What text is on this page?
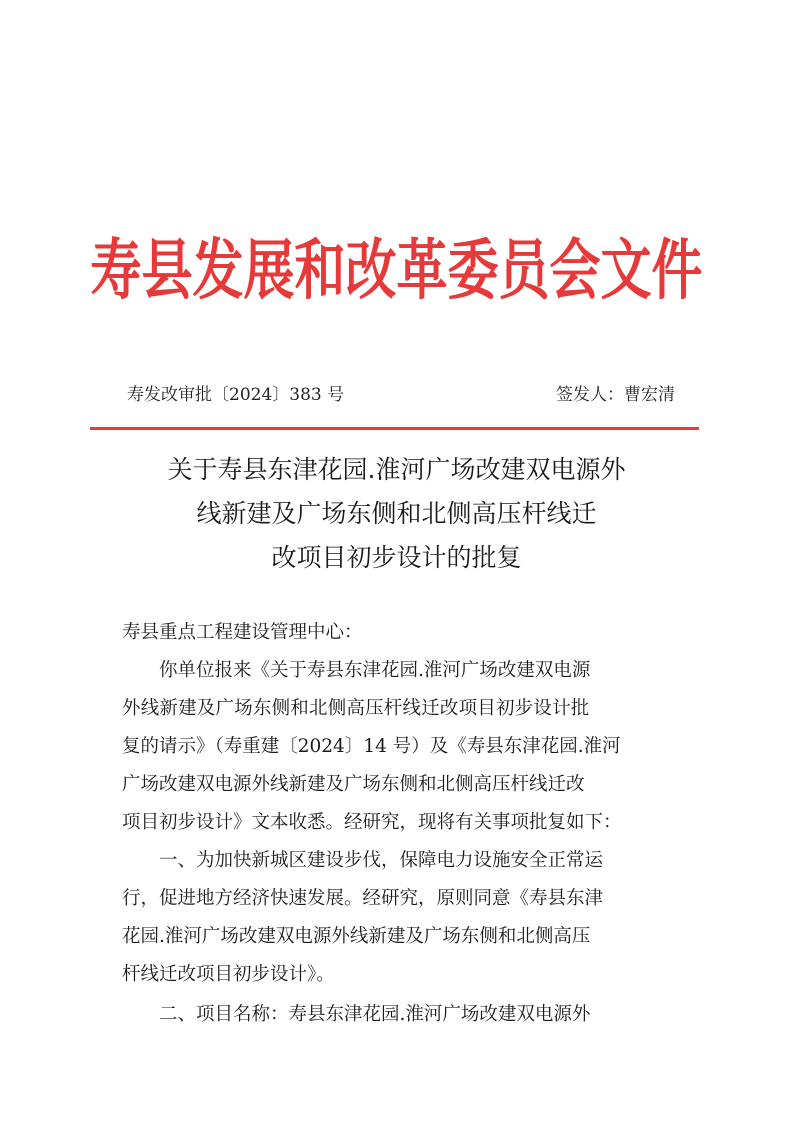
寿县发展和改革委员会文件
寿发改审批〔2024〕383 号	签发人：曹宏清
关于寿县东津花园.淮河广场改建双电源外
线新建及广场东侧和北侧高压杆线迁
改项目初步设计的批复
寿县重点工程建设管理中心：
你单位报来《关于寿县东津花园.淮河广场改建双电源
外线新建及广场东侧和北侧高压杆线迁改项目初步设计批
复的请示》（寿重建〔2024〕14 号）及《寿县东津花园.淮河
广场改建双电源外线新建及广场东侧和北侧高压杆线迁改
项目初步设计》文本收悉。经研究，现将有关事项批复如下：
一、为加快新城区建设步伐，保障电力设施安全正常运
行，促进地方经济快速发展。经研究，原则同意《寿县东津
花园.淮河广场改建双电源外线新建及广场东侧和北侧高压
杆线迁改项目初步设计》。
二、项目名称：寿县东津花园.淮河广场改建双电源外
